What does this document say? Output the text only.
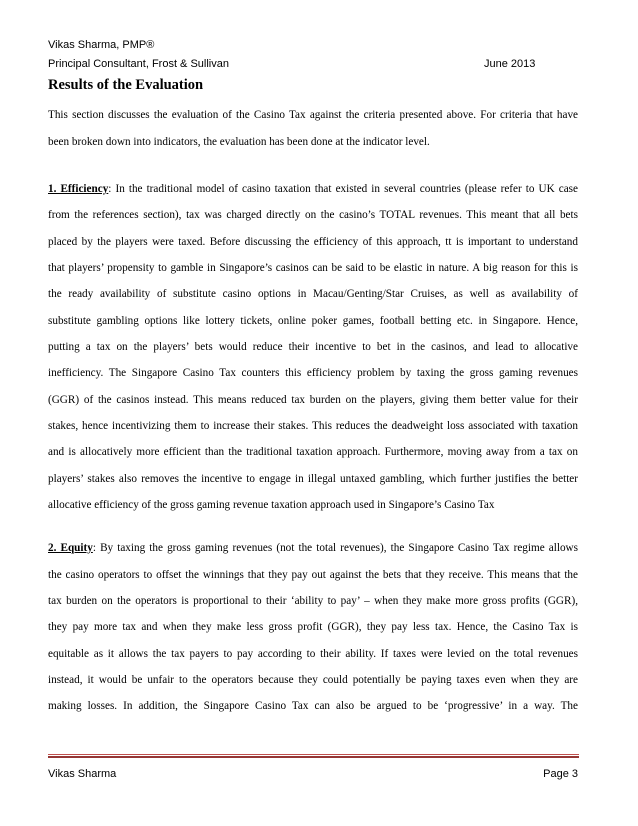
Vikas Sharma, PMP®
Principal Consultant, Frost & Sullivan	June 2013
Results of the Evaluation
This section discusses the evaluation of the Casino Tax against the criteria presented above. For criteria that have
been broken down into indicators, the evaluation has been done at the indicator level.
1. Efficiency: In the traditional model of casino taxation that existed in several countries (please refer to UK case
from the references section), tax was charged directly on the casino’s TOTAL revenues. This meant that all bets
placed by the players were taxed. Before discussing the efficiency of this approach, tt is important to understand
that players’ propensity to gamble in Singapore’s casinos can be said to be elastic in nature. A big reason for this is
the ready availability of substitute casino options in Macau/Genting/Star Cruises, as well as availability of
substitute gambling options like lottery tickets, online poker games, football betting etc. in Singapore. Hence,
putting a tax on the players’ bets would reduce their incentive to bet in the casinos, and lead to allocative
inefficiency. The Singapore Casino Tax counters this efficiency problem by taxing the gross gaming revenues
(GGR) of the casinos instead. This means reduced tax burden on the players, giving them better value for their
stakes, hence incentivizing them to increase their stakes. This reduces the deadweight loss associated with taxation
and is allocatively more efficient than the traditional taxation approach. Furthermore, moving away from a tax on
players’ stakes also removes the incentive to engage in illegal untaxed gambling, which further justifies the better
allocative efficiency of the gross gaming revenue taxation approach used in Singapore’s Casino Tax
2. Equity: By taxing the gross gaming revenues (not the total revenues), the Singapore Casino Tax regime allows
the casino operators to offset the winnings that they pay out against the bets that they receive. This means that the
tax burden on the operators is proportional to their ‘ability to pay’ – when they make more gross profits (GGR),
they pay more tax and when they make less gross profit (GGR), they pay less tax. Hence, the Casino Tax is
equitable as it allows the tax payers to pay according to their ability. If taxes were levied on the total revenues
instead, it would be unfair to the operators because they could potentially be paying taxes even when they are
making losses. In addition, the Singapore Casino Tax can also be argued to be ‘progressive’ in a way. The
Vikas Sharma	Page 3
